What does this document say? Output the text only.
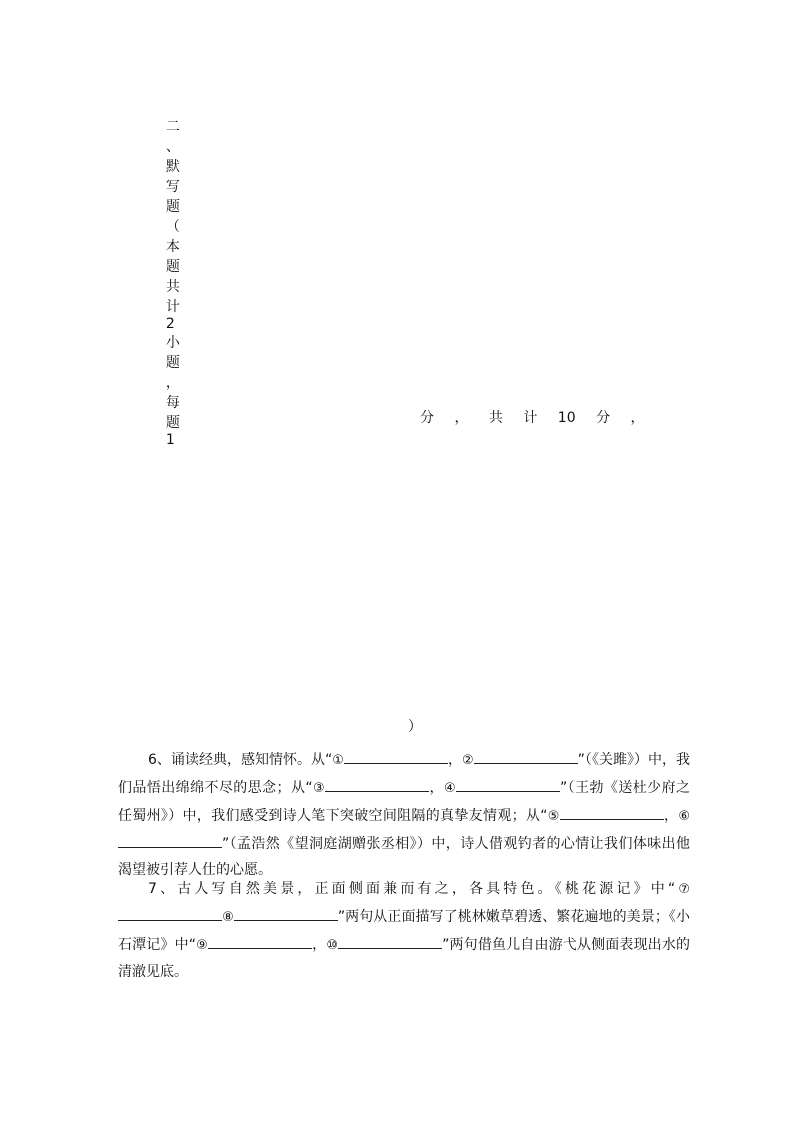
二
、
默
写
题
（
本
题
共
计
2
小
题
，
每
题
1

分 ， 共 计 10 分 ，
）

6、诵读经典，感知情怀。从“①	，②	”（《关雎》）中，我们品悟出绵绵不尽的思念；从“③	，④	”（王勃《送杜少府之任蜀州》）中，我们感受到诗人笔下突破空间阻隔的真挚友情观；从“⑤	，⑥”（孟浩然《望洞庭湖赠张丞相》）中，诗人借观钓者的心情让我们体味出他渴望被引荐人仕的心愿。

7、古人写自然美景，正面侧面兼而有之，各具特色。《桃花源记》中“⑦⑧	”两句从正面描写了桃林嫩草碧透、繁花遍地的美景；《小石潭记》中“⑨	，⑩	”两句借鱼儿自由游弋从侧面表现出水的清澈见底。
